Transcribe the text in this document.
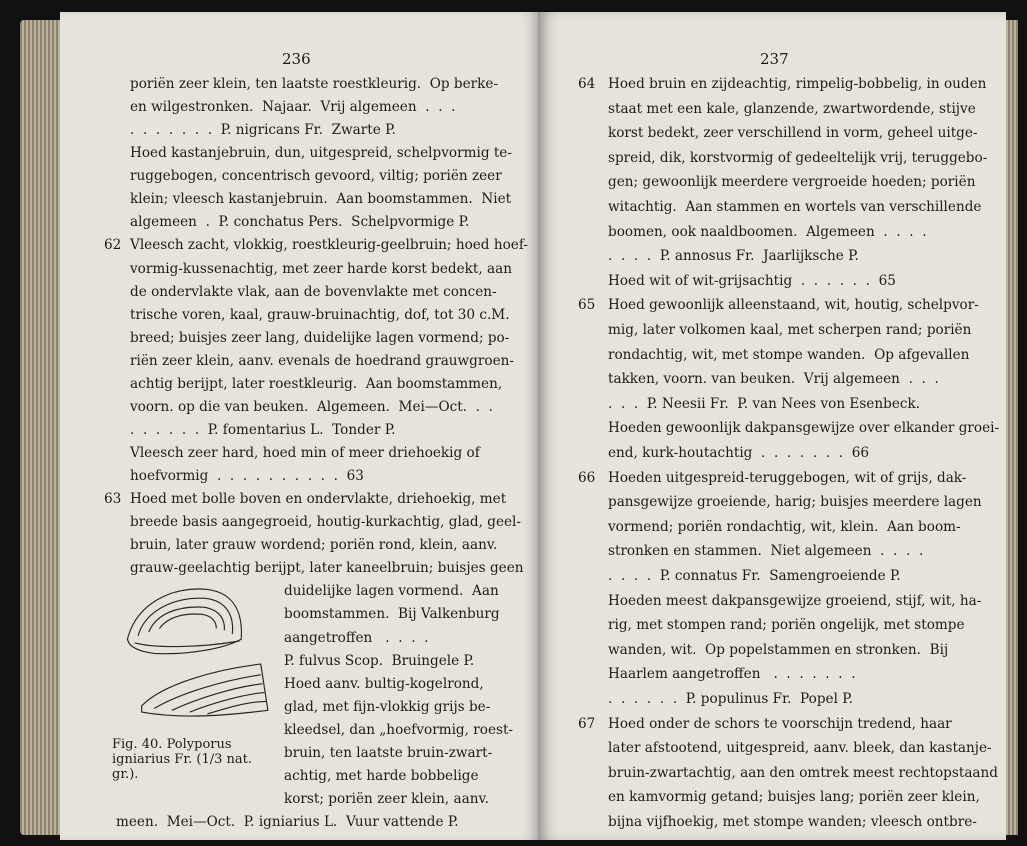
236
poriën zeer klein, ten laatste roestkleurig.  Op berke-
en wilgestronken.  Najaar.  Vrij algemeen  .  .  .
.  .  .  .  .  .  .  P. nigricans Fr.  Zwarte P.
Hoed kastanjebruin, dun, uitgespreid, schelpvormig te-
ruggebogen, concentrisch gevoord, viltig; poriën zeer
klein; vleesch kastanjebruin.  Aan boomstammen.  Niet
algemeen  .  P. conchatus Pers.  Schelpvormige P.
62 Vleesch zacht, vlokkig, roestkleurig-geelbruin; hoed hoef-
vormig-kussenachtig, met zeer harde korst bedekt, aan
de ondervlakte vlak, aan de bovenvlakte met concen-
trische voren, kaal, grauw-bruinachtig, dof, tot 30 c.M.
breed; buisjes zeer lang, duidelijke lagen vormend; po-
riën zeer klein, aanv. evenals de hoedrand grauwgroen-
achtig berijpt, later roestkleurig.  Aan boomstammen,
voorn. op die van beuken.  Algemeen.  Mei—Oct.  .  .
.  .  .  .  .  .  P. fomentarius L.  Tonder P.
Vleesch zeer hard, hoed min of meer driehoekig of
hoefvormig  .  .  .  .  .  .  .  .  .  .  63
63 Hoed met bolle boven en ondervlakte, driehoekig, met
breede basis aangegroeid, houtig-kurkachtig, glad, geel-
bruin, later grauw wordend; poriën rond, klein, aanv.
grauw-geelachtig berijpt, later kaneelbruin; buisjes geen
duidelijke lagen vormend.  Aan
boomstammen.  Bij Valkenburg
aangetroffen   .  .  .  .
P. fulvus Scop.  Bruingele P.
Hoed aanv. bultig-kogelrond,
glad, met fijn-vlokkig grijs be-
kleedsel, dan „hoefvormig, roest-
bruin, ten laatste bruin-zwart-
achtig, met harde bobbelige
korst; poriën zeer klein, aanv.
Fig. 40. Polyporus igniarius Fr. (1/3 nat. gr.).
meen.  Mei—Oct.  P. igniarius L.  Vuur vattende P.
237
64 Hoed bruin en zijdeachtig, rimpelig-bobbelig, in ouden
staat met een kale, glanzende, zwartwordende, stijve
korst bedekt, zeer verschillend in vorm, geheel uitge-
spreid, dik, korstvormig of gedeeltelijk vrij, teruggebo-
gen; gewoonlijk meerdere vergroeide hoeden; poriën
witachtig.  Aan stammen en wortels van verschillende
boomen, ook naaldboomen.  Algemeen  .  .  .  .
.  .  .  .  P. annosus Fr.  Jaarlijksche P.
Hoed wit of wit-grijsachtig  .  .  .  .  .  .  65
65 Hoed gewoonlijk alleenstaand, wit, houtig, schelpvor-
mig, later volkomen kaal, met scherpen rand; poriën
rondachtig, wit, met stompe wanden.  Op afgevallen
takken, voorn. van beuken.  Vrij algemeen  .  .  .
.  .  .  P. Neesii Fr.  P. van Nees von Esenbeck.
Hoeden gewoonlijk dakpansgewijze over elkander groei-
end, kurk-houtachtig  .  .  .  .  .  .  .  66
66 Hoeden uitgespreid-teruggebogen, wit of grijs, dak-
pansgewijze groeiende, harig; buisjes meerdere lagen
vormend; poriën rondachtig, wit, klein.  Aan boom-
stronken en stammen.  Niet algemeen  .  .  .  .
.  .  .  .  P. connatus Fr.  Samengroeiende P.
Hoeden meest dakpansgewijze groeiend, stijf, wit, ha-
rig, met stompen rand; poriën ongelijk, met stompe
wanden, wit.  Op popelstammen en stronken.  Bij
Haarlem aangetroffen   .  .  .  .  .  .  .
.  .  .  .  .  .  P. populinus Fr.  Popel P.
67 Hoed onder de schors te voorschijn tredend, haar
later afstootend, uitgespreid, aanv. bleek, dan kastanje-
bruin-zwartachtig, aan den omtrek meest rechtopstaand
en kamvormig getand; buisjes lang; poriën zeer klein,
bijna vijfhoekig, met stompe wanden; vleesch ontbre-
